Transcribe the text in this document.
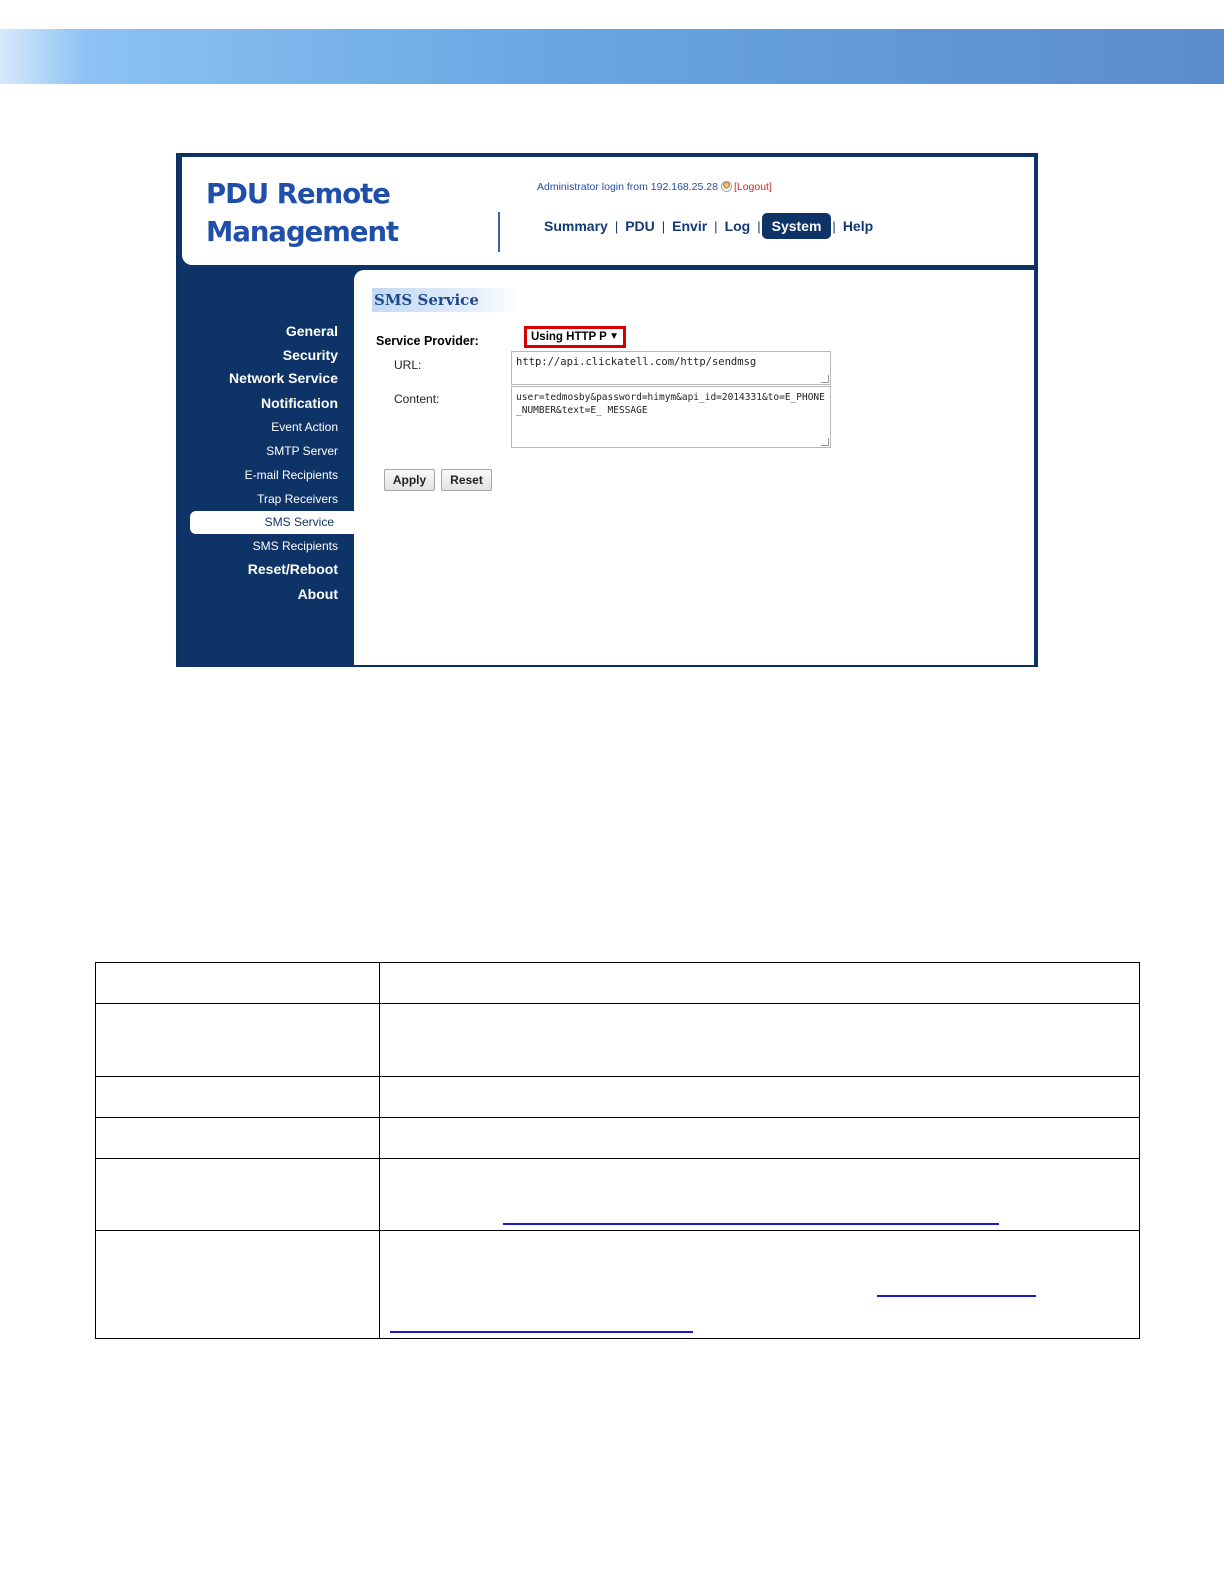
PDU Remote
Management
Administrator login from 192.168.25.28 [Logout]
Summary | PDU | Envir | Log | System | Help
General
Security
Network Service
Notification
Event Action
SMTP Server
E-mail Recipients
Trap Receivers
SMS Service
SMS Recipients
Reset/Reboot
About
SMS Service
Service Provider:	Using HTTP P ▼
URL:	http://api.clickatell.com/http/sendmsg
Content:	user=tedmosby&password=himym&api_id=2014331&to=E_PHONE_NUMBER&text=E_ MESSAGE
Apply	Reset
